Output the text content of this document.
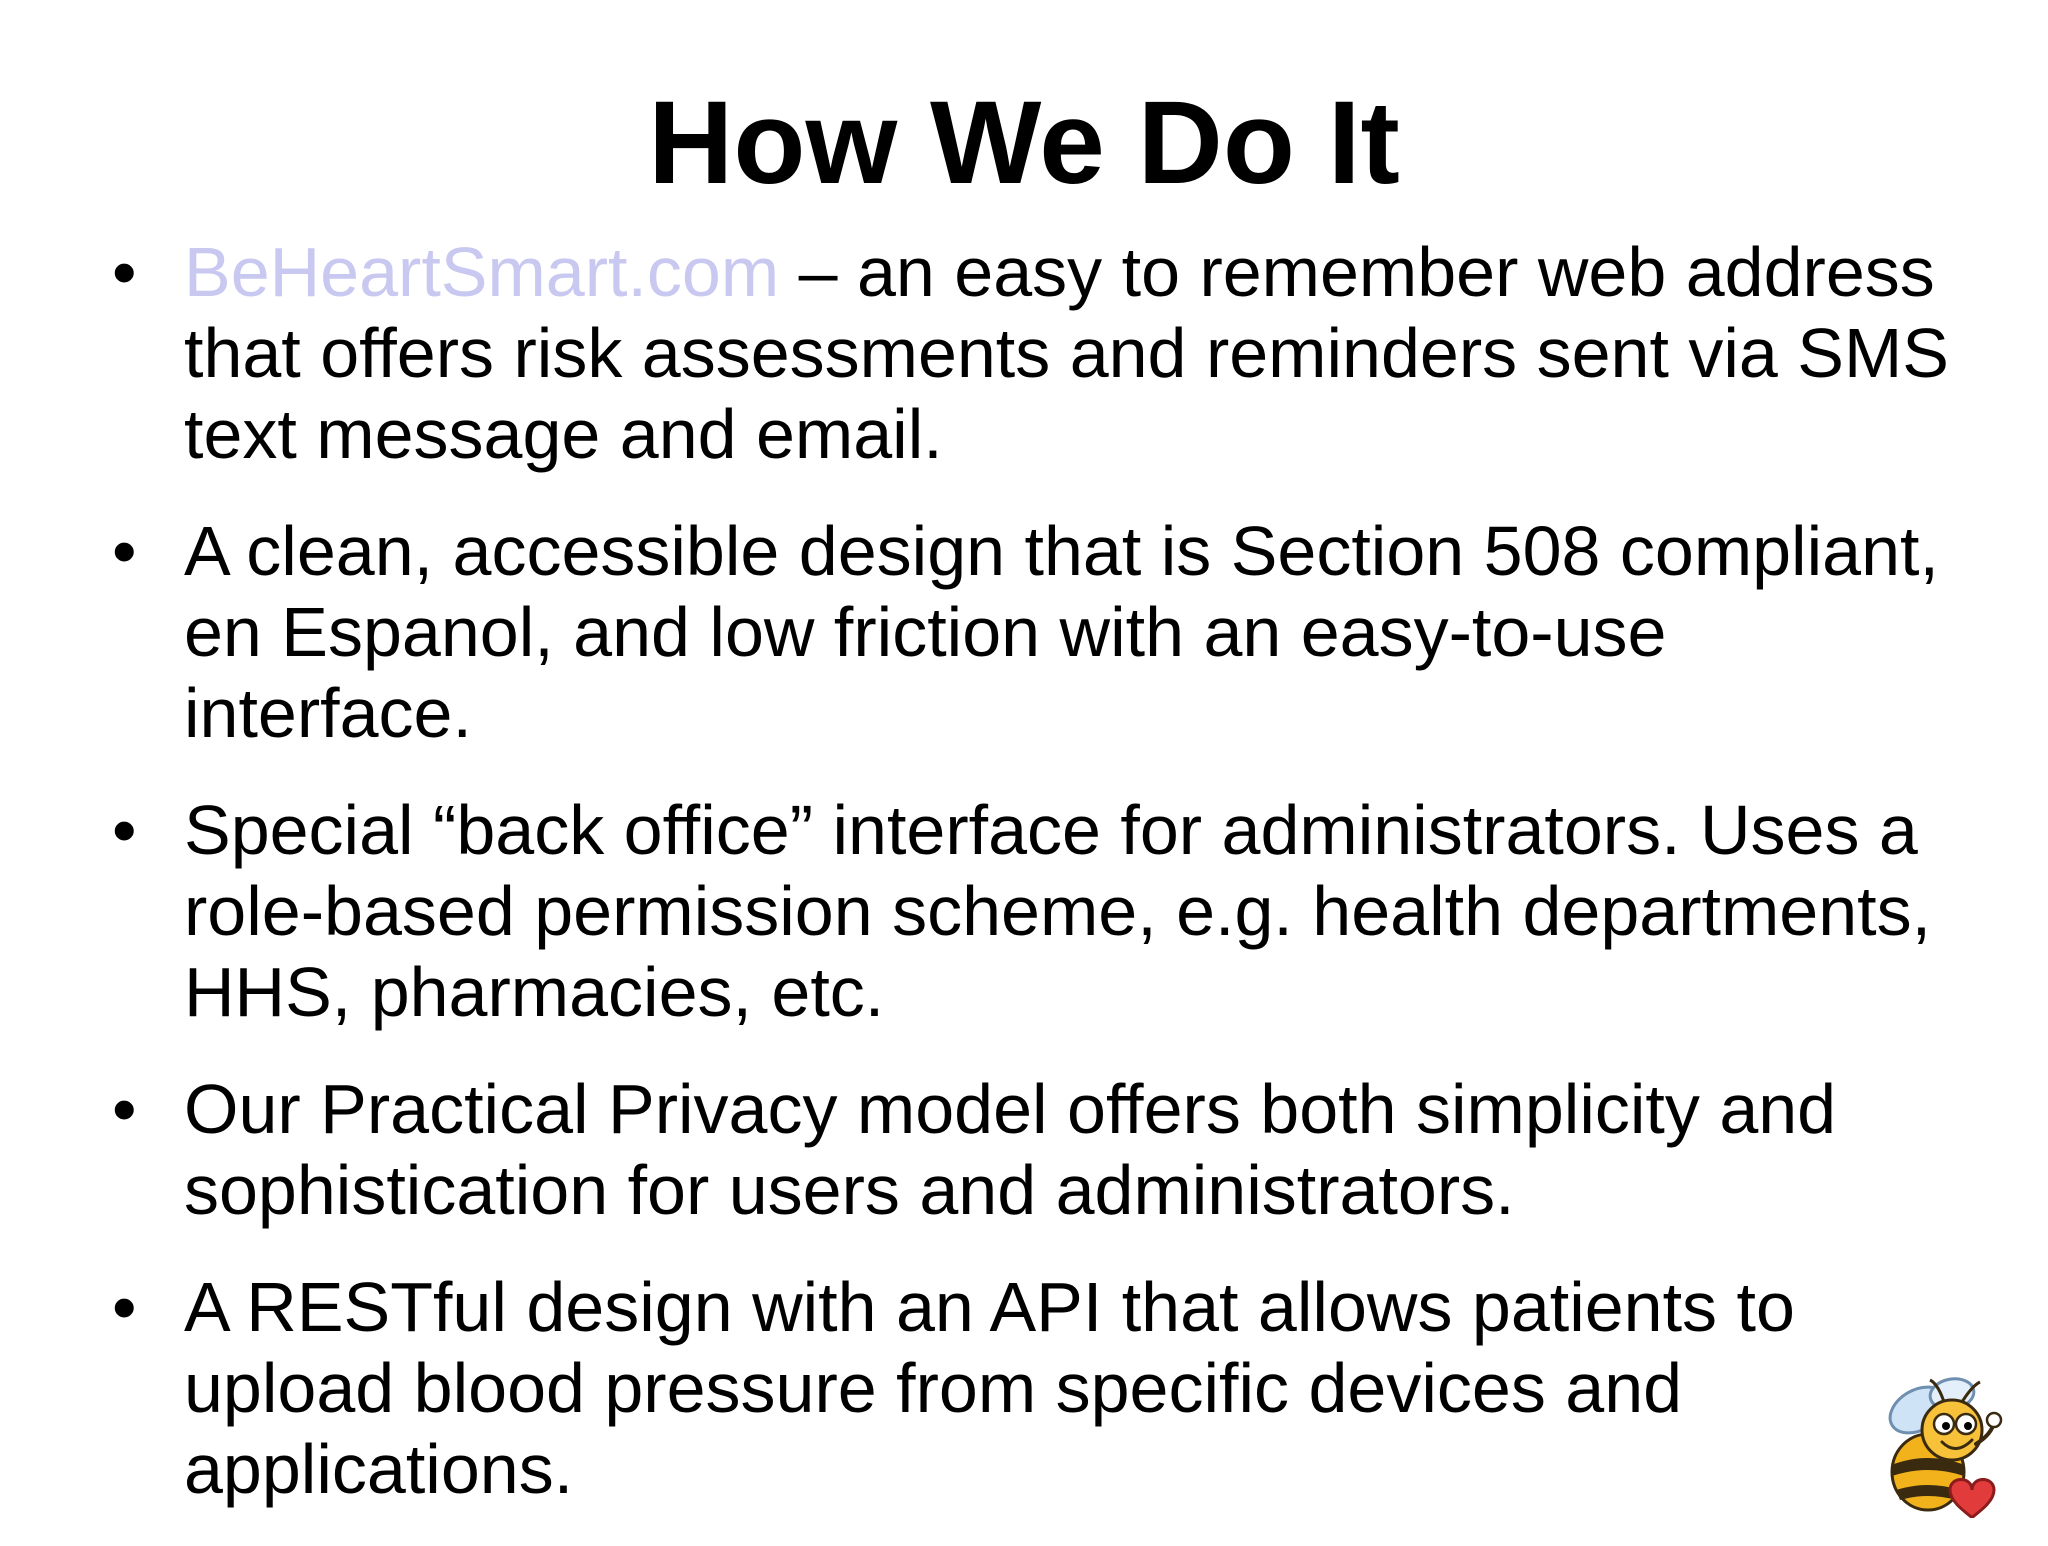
How We Do It
• BeHeartSmart.com – an easy to remember web address that offers risk assessments and reminders sent via SMS text message and email.
• A clean, accessible design that is Section 508 compliant, en Espanol, and low friction with an easy-to-use interface.
• Special “back office” interface for administrators. Uses a role-based permission scheme, e.g. health departments, HHS, pharmacies, etc.
• Our Practical Privacy model offers both simplicity and sophistication for users and administrators.
• A RESTful design with an API that allows patients to upload blood pressure from specific devices and applications.
